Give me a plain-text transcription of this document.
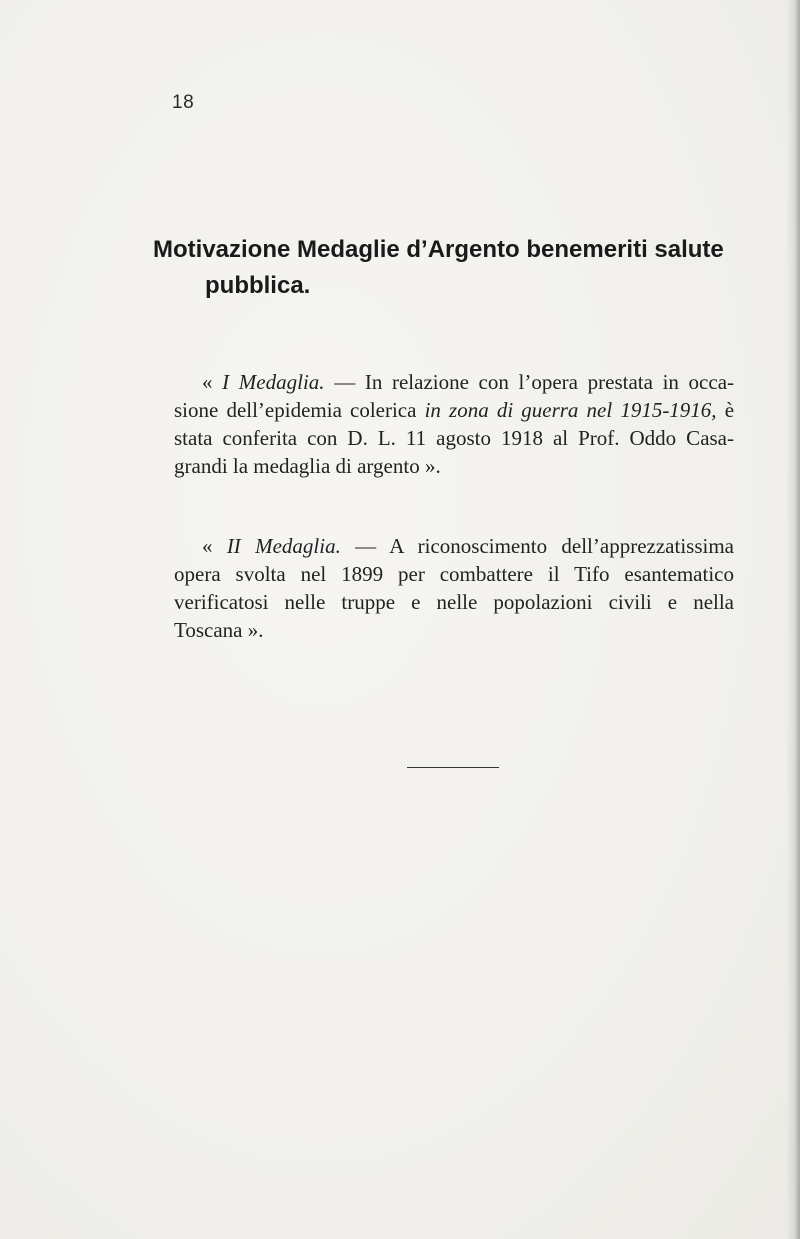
18
Motivazione Medaglie d’Argento benemeriti salute
pubblica.
« I Medaglia. — In relazione con l’opera prestata in occa-
sione dell’epidemia colerica in zona di guerra nel 1915-1916, è
stata conferita con D. L. 11 agosto 1918 al Prof. Oddo Casa-
grandi la medaglia di argento ».
« II Medaglia. — A riconoscimento dell’apprezzatissima
opera svolta nel 1899 per combattere il Tifo esantematico
verificatosi nelle truppe e nelle popolazioni civili e nella
Toscana ».
